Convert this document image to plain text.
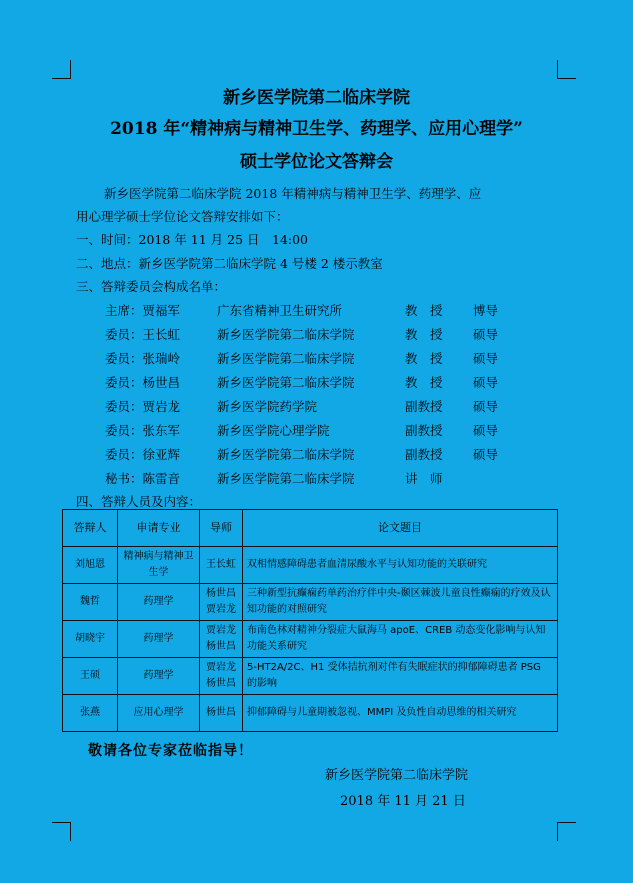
新乡医学院第二临床学院
2018 年“精神病与精神卫生学、药理学、应用心理学”
硕士学位论文答辩会

新乡医学院第二临床学院 2018 年精神病与精神卫生学、药理学、应

用心理学硕士学位论文答辩安排如下：

一、时间：2018 年 11 月 25 日　14:00
二、地点：新乡医学院第二临床学院 4 号楼 2 楼示教室
三、答辩委员会构成名单：
主席：贾福军	广东省精神卫生研究所	教　授 博导
委员：王长虹	新乡医学院第二临床学院	教　授 硕导
委员：张瑞岭	新乡医学院第二临床学院	教　授 硕导
委员：杨世昌	新乡医学院第二临床学院	教　授 硕导
委员：贾岩龙	新乡医学院药学院	副教授 硕导
委员：张东军	新乡医学院心理学院	副教授 硕导
委员：徐亚辉	新乡医学院第二临床学院	副教授 硕导
秘书：陈雷音	新乡医学院第二临床学院	讲　师
四、答辩人员及内容：
答辩人	申请专业	导师	论文题目
刘旭恩	精神病与精神卫生学	王长虹	双相情感障碍患者血清尿酸水平与认知功能的关联研究
魏哲	药理学	杨世昌 贾岩龙	三种新型抗癫痫药单药治疗伴中央-颞区棘波儿童良性癫痫的疗效及认知功能的对照研究
胡晓宇	药理学	贾岩龙 杨世昌	布南色林对精神分裂症大鼠海马 apoE、CREB 动态变化影响与认知功能关系研究
王硕	药理学	贾岩龙 杨世昌	5-HT2A/2C、H1 受体拮抗剂对伴有失眠症状的抑郁障碍患者 PSG 的影响
张燕	应用心理学	杨世昌	抑郁障碍与儿童期被忽视、MMPI 及负性自动思维的相关研究
敬请各位专家莅临指导！
新乡医学院第二临床学院
2018 年 11 月 21 日
